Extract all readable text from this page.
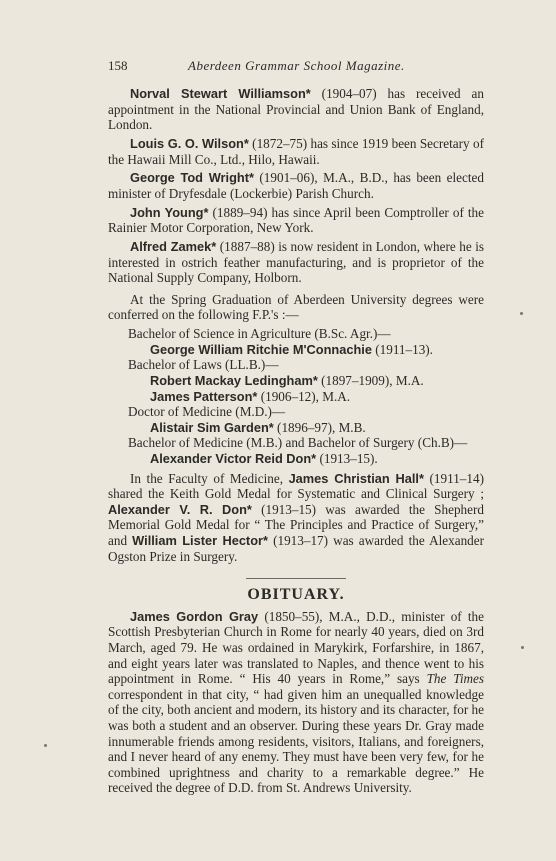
158	Aberdeen Grammar School Magazine.

Norval Stewart Williamson* (1904–07) has received an appointment in the National Provincial and Union Bank of England, London.

Louis G. O. Wilson* (1872–75) has since 1919 been Secretary of the Hawaii Mill Co., Ltd., Hilo, Hawaii.

George Tod Wright* (1901–06), M.A., B.D., has been elected minister of Dryfesdale (Lockerbie) Parish Church.

John Young* (1889–94) has since April been Comptroller of the Rainier Motor Corporation, New York.

Alfred Zamek* (1887–88) is now resident in London, where he is interested in ostrich feather manufacturing, and is proprietor of the National Supply Company, Holborn.

At the Spring Graduation of Aberdeen University degrees were conferred on the following F.P.'s :—

Bachelor of Science in Agriculture (B.Sc. Agr.)—

George William Ritchie M'Connachie (1911–13).

Bachelor of Laws (LL.B.)—

Robert Mackay Ledingham* (1897–1909), M.A.

James Patterson* (1906–12), M.A.

Doctor of Medicine (M.D.)—

Alistair Sim Garden* (1896–97), M.B.

Bachelor of Medicine (M.B.) and Bachelor of Surgery (Ch.B)—

Alexander Victor Reid Don* (1913–15).

In the Faculty of Medicine, James Christian Hall* (1911–14) shared the Keith Gold Medal for Systematic and Clinical Surgery ; Alexander V. R. Don* (1913–15) was awarded the Shepherd Memorial Gold Medal for “ The Principles and Practice of Surgery,” and William Lister Hector* (1913–17) was awarded the Alexander Ogston Prize in Surgery.

OBITUARY.

James Gordon Gray (1850–55), M.A., D.D., minister of the Scottish Presbyterian Church in Rome for nearly 40 years, died on 3rd March, aged 79. He was ordained in Marykirk, Forfarshire, in 1867, and eight years later was translated to Naples, and thence went to his appointment in Rome. “ His 40 years in Rome,” says The Times correspondent in that city, “ had given him an unequalled knowledge of the city, both ancient and modern, its history and its character, for he was both a student and an observer. During these years Dr. Gray made innumerable friends among residents, visitors, Italians, and foreigners, and I never heard of any enemy. They must have been very few, for he combined uprightness and charity to a remarkable degree.” He received the degree of D.D. from St. Andrews University.
